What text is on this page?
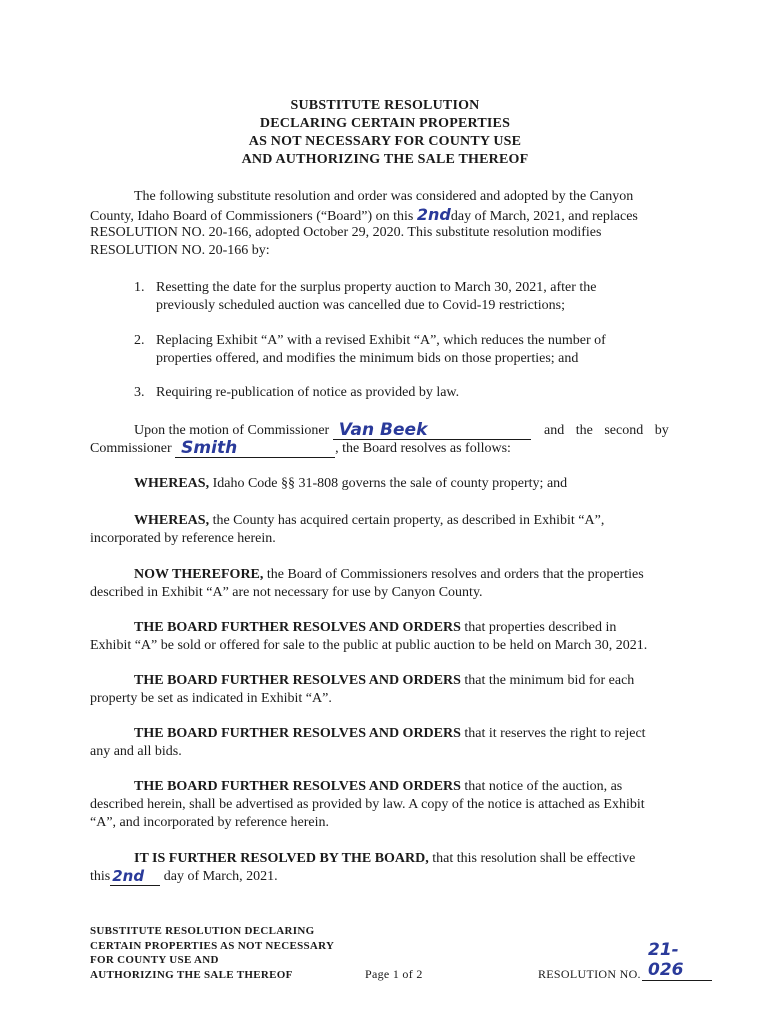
SUBSTITUTE RESOLUTION
DECLARING CERTAIN PROPERTIES
AS NOT NECESSARY FOR COUNTY USE
AND AUTHORIZING THE SALE THEREOF
The following substitute resolution and order was considered and adopted by the Canyon
County, Idaho Board of Commissioners (“Board”) on this 2ndday of March, 2021, and replaces
RESOLUTION NO. 20-166, adopted October 29, 2020. This substitute resolution modifies
RESOLUTION NO. 20-166 by:
1. Resetting the date for the surplus property auction to March 30, 2021, after the
previously scheduled auction was cancelled due to Covid-19 restrictions;
2. Replacing Exhibit “A” with a revised Exhibit “A”, which reduces the number of
properties offered, and modifies the minimum bids on those properties; and
3. Requiring re-publication of notice as provided by law.
Upon the motion of Commissioner Van Beek	and the second by
Commissioner Smith	, the Board resolves as follows:
WHEREAS, Idaho Code §§ 31-808 governs the sale of county property; and
WHEREAS, the County has acquired certain property, as described in Exhibit “A”,
incorporated by reference herein.
NOW THEREFORE, the Board of Commissioners resolves and orders that the properties
described in Exhibit “A” are not necessary for use by Canyon County.
THE BOARD FURTHER RESOLVES AND ORDERS that properties described in
Exhibit “A” be sold or offered for sale to the public at public auction to be held on March 30, 2021.
THE BOARD FURTHER RESOLVES AND ORDERS that the minimum bid for each
property be set as indicated in Exhibit “A”.
THE BOARD FURTHER RESOLVES AND ORDERS that it reserves the right to reject
any and all bids.
THE BOARD FURTHER RESOLVES AND ORDERS that notice of the auction, as
described herein, shall be advertised as provided by law. A copy of the notice is attached as Exhibit
“A”, and incorporated by reference herein.
IT IS FURTHER RESOLVED BY THE BOARD, that this resolution shall be effective
this 2nd day of March, 2021.
SUBSTITUTE RESOLUTION DECLARING
CERTAIN PROPERTIES AS NOT NECESSARY
FOR COUNTY USE AND
AUTHORIZING THE SALE THEREOF	Page 1 of 2	RESOLUTION NO.
21-026
